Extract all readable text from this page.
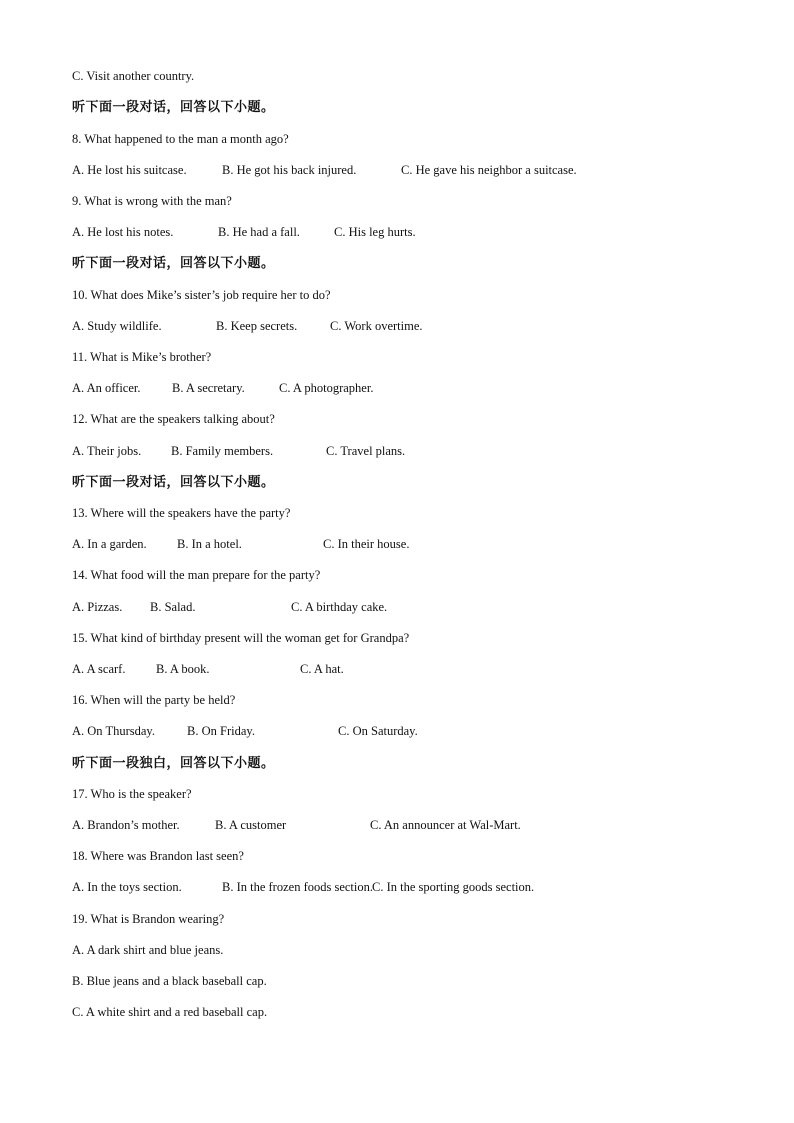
C. Visit another country.
听下面一段对话，回答以下小题。
8. What happened to the man a month ago?
A. He lost his suitcase.	B. He got his back injured.	C. He gave his neighbor a suitcase.
9. What is wrong with the man?
A. He lost his notes.	B. He had a fall.	C. His leg hurts.
听下面一段对话，回答以下小题。
10. What does Mike’s sister’s job require her to do?
A. Study wildlife.	B. Keep secrets.	C. Work overtime.
11. What is Mike’s brother?
A. An officer.	B. A secretary.	C. A photographer.
12. What are the speakers talking about?
A. Their jobs. B. Family members.	C. Travel plans.
听下面一段对话，回答以下小题。
13. Where will the speakers have the party?
A. In a garden. B. In a hotel.	C. In their house.
14. What food will the man prepare for the party?
A. Pizzas. B. Salad.	C. A birthday cake.
15. What kind of birthday present will the woman get for Grandpa?
A. A scarf. B. A book.	C. A hat.
16. When will the party be held?
A. On Thursday.	B. On Friday.	C. On Saturday.
听下面一段独白，回答以下小题。
17. Who is the speaker?
A. Brandon’s mother.	B. A customer	C. An announcer at Wal-Mart.
18. Where was Brandon last seen?
A. In the toys section.	B. In the frozen foods section.
C. In the sporting goods section.
19. What is Brandon wearing?
A. A dark shirt and blue jeans.
B. Blue jeans and a black baseball cap.
C. A white shirt and a red baseball cap.
